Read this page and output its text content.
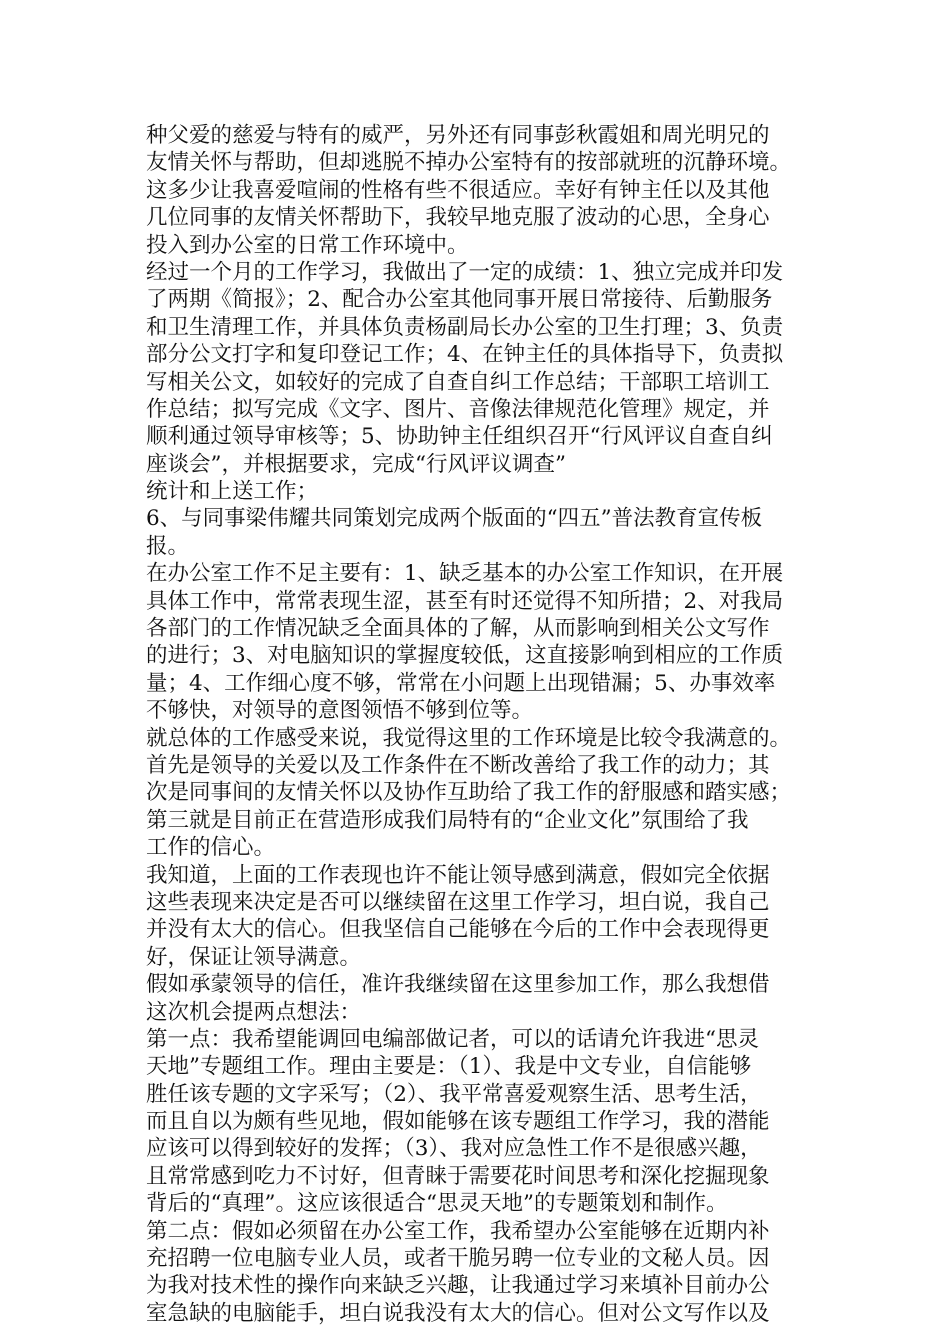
种父爱的慈爱与特有的威严，另外还有同事彭秋霞姐和周光明兄的
友情关怀与帮助，但却逃脱不掉办公室特有的按部就班的沉静环境。
这多少让我喜爱喧闹的性格有些不很适应。幸好有钟主任以及其他
几位同事的友情关怀帮助下，我较早地克服了波动的心思，全身心
投入到办公室的日常工作环境中。
经过一个月的工作学习，我做出了一定的成绩：1、独立完成并印发
了两期《简报》；2、配合办公室其他同事开展日常接待、后勤服务
和卫生清理工作，并具体负责杨副局长办公室的卫生打理；3、负责
部分公文打字和复印登记工作；4、在钟主任的具体指导下，负责拟
写相关公文，如较好的完成了自查自纠工作总结；干部职工培训工
作总结；拟写完成《文字、图片、音像法律规范化管理》规定，并
顺利通过领导审核等；5、协助钟主任组织召开“行风评议自查自纠
座谈会”，并根据要求，完成“行风评议调查”
统计和上送工作；
6、与同事梁伟耀共同策划完成两个版面的“四五”普法教育宣传板
报。
在办公室工作不足主要有：1、缺乏基本的办公室工作知识，在开展
具体工作中，常常表现生涩，甚至有时还觉得不知所措；2、对我局
各部门的工作情况缺乏全面具体的了解，从而影响到相关公文写作
的进行；3、对电脑知识的掌握度较低，这直接影响到相应的工作质
量；4、工作细心度不够，常常在小问题上出现错漏；5、办事效率
不够快，对领导的意图领悟不够到位等。
就总体的工作感受来说，我觉得这里的工作环境是比较令我满意的。
首先是领导的关爱以及工作条件在不断改善给了我工作的动力；其
次是同事间的友情关怀以及协作互助给了我工作的舒服感和踏实感；
第三就是目前正在营造形成我们局特有的“企业文化”氛围给了我
工作的信心。
我知道，上面的工作表现也许不能让领导感到满意，假如完全依据
这些表现来决定是否可以继续留在这里工作学习，坦白说，我自己
并没有太大的信心。但我坚信自己能够在今后的工作中会表现得更
好，保证让领导满意。
假如承蒙领导的信任，准许我继续留在这里参加工作，那么我想借
这次机会提两点想法：
第一点：我希望能调回电编部做记者，可以的话请允许我进“思灵
天地”专题组工作。理由主要是：（1）、我是中文专业，自信能够
胜任该专题的文字采写；（2）、我平常喜爱观察生活、思考生活，
而且自以为颇有些见地，假如能够在该专题组工作学习，我的潜能
应该可以得到较好的发挥；（3）、我对应急性工作不是很感兴趣，
且常常感到吃力不讨好，但青睐于需要花时间思考和深化挖掘现象
背后的“真理”。这应该很适合“思灵天地”的专题策划和制作。
第二点：假如必须留在办公室工作，我希望办公室能够在近期内补
充招聘一位电脑专业人员，或者干脆另聘一位专业的文秘人员。因
为我对技术性的操作向来缺乏兴趣，让我通过学习来填补目前办公
室急缺的电脑能手，坦白说我没有太大的信心。但对公文写作以及
